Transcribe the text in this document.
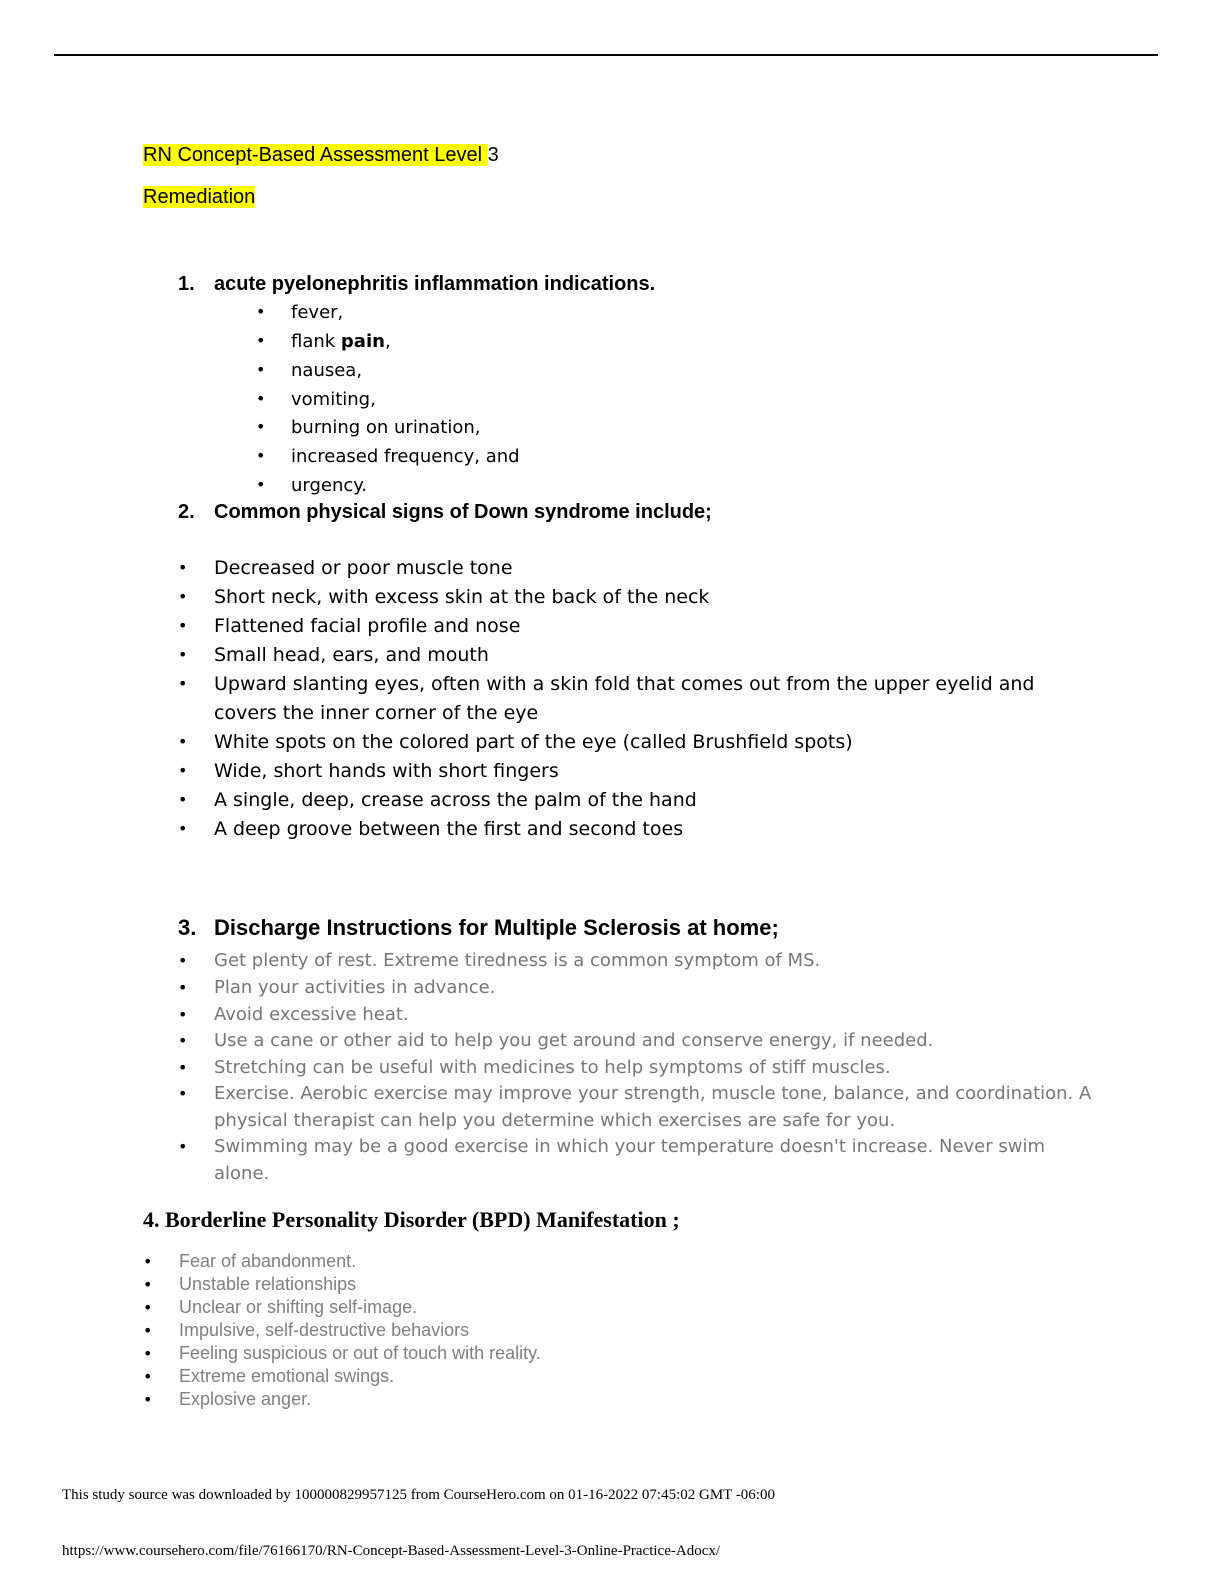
RN Concept-Based Assessment Level 3
Remediation
1. acute pyelonephritis inflammation indications.
• fever,
• flank pain,
• nausea,
• vomiting,
• burning on urination,
• increased frequency, and
• urgency.
2. Common physical signs of Down syndrome include;
• Decreased or poor muscle tone
• Short neck, with excess skin at the back of the neck
• Flattened facial profile and nose
• Small head, ears, and mouth
• Upward slanting eyes, often with a skin fold that comes out from the upper eyelid and
covers the inner corner of the eye
• White spots on the colored part of the eye (called Brushfield spots)
• Wide, short hands with short fingers
• A single, deep, crease across the palm of the hand
• A deep groove between the first and second toes
3. Discharge Instructions for Multiple Sclerosis at home;
• Get plenty of rest. Extreme tiredness is a common symptom of MS.
• Plan your activities in advance.
• Avoid excessive heat.
• Use a cane or other aid to help you get around and conserve energy, if needed.
• Stretching can be useful with medicines to help symptoms of stiff muscles.
• Exercise. Aerobic exercise may improve your strength, muscle tone, balance, and coordination. A
physical therapist can help you determine which exercises are safe for you.
• Swimming may be a good exercise in which your temperature doesn't increase. Never swim
alone.
4. Borderline Personality Disorder (BPD) Manifestation ;
• Fear of abandonment.
• Unstable relationships
• Unclear or shifting self-image.
• Impulsive, self-destructive behaviors
• Feeling suspicious or out of touch with reality.
• Extreme emotional swings.
• Explosive anger.
This study source was downloaded by 100000829957125 from CourseHero.com on 01-16-2022 07:45:02 GMT -06:00
https://www.coursehero.com/file/76166170/RN-Concept-Based-Assessment-Level-3-Online-Practice-Adocx/
